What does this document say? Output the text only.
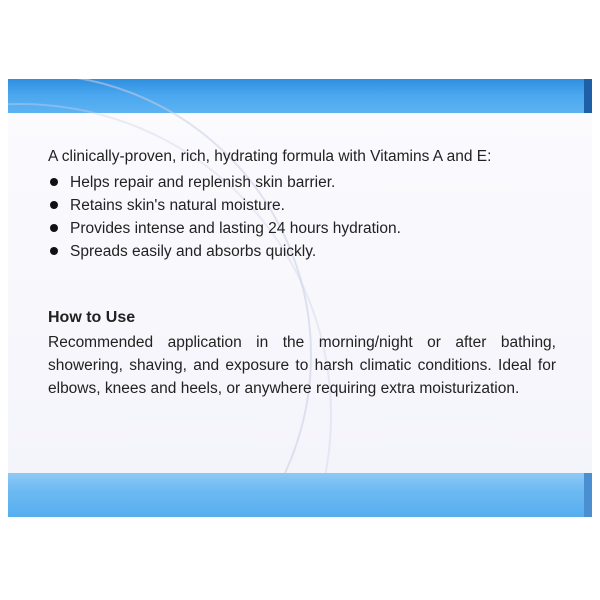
A clinically-proven, rich, hydrating formula with Vitamins A and E:

Helps repair and replenish skin barrier.
Retains skin's natural moisture.
Provides intense and lasting 24 hours hydration.
Spreads easily and absorbs quickly.
How to Use

Recommended application in the morning/night or after bathing, showering, shaving, and exposure to harsh climatic conditions. Ideal for elbows, knees and heels, or anywhere requiring extra moisturization.
